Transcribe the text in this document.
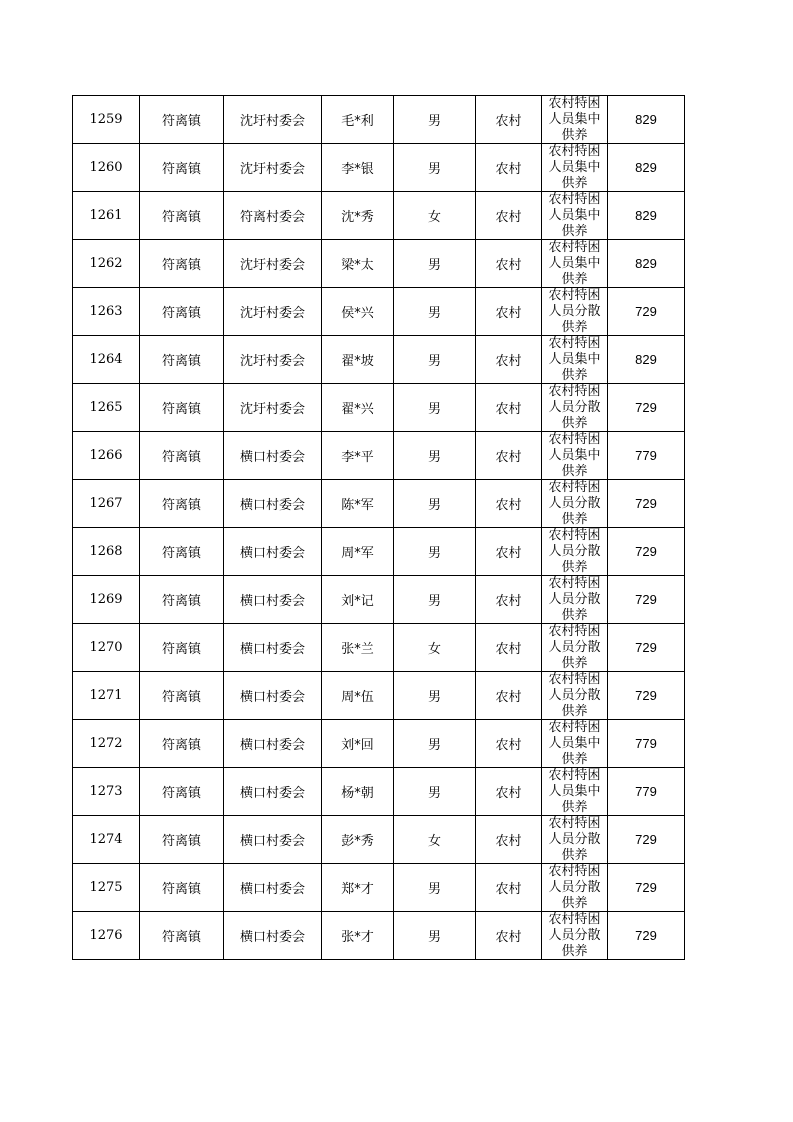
1259	符离镇	沈圩村委会	毛*利	男	农村	农村特困人员集中供养	829
1260	符离镇	沈圩村委会	李*银	男	农村	农村特困人员集中供养	829
1261	符离镇	符离村委会	沈*秀	女	农村	农村特困人员集中供养	829
1262	符离镇	沈圩村委会	梁*太	男	农村	农村特困人员集中供养	829
1263	符离镇	沈圩村委会	侯*兴	男	农村	农村特困人员分散供养	729
1264	符离镇	沈圩村委会	翟*坡	男	农村	农村特困人员集中供养	829
1265	符离镇	沈圩村委会	翟*兴	男	农村	农村特困人员分散供养	729
1266	符离镇	横口村委会	李*平	男	农村	农村特困人员集中供养	779
1267	符离镇	横口村委会	陈*军	男	农村	农村特困人员分散供养	729
1268	符离镇	横口村委会	周*军	男	农村	农村特困人员分散供养	729
1269	符离镇	横口村委会	刘*记	男	农村	农村特困人员分散供养	729
1270	符离镇	横口村委会	张*兰	女	农村	农村特困人员分散供养	729
1271	符离镇	横口村委会	周*伍	男	农村	农村特困人员分散供养	729
1272	符离镇	横口村委会	刘*回	男	农村	农村特困人员集中供养	779
1273	符离镇	横口村委会	杨*朝	男	农村	农村特困人员集中供养	779
1274	符离镇	横口村委会	彭*秀	女	农村	农村特困人员分散供养	729
1275	符离镇	横口村委会	郑*才	男	农村	农村特困人员分散供养	729
1276	符离镇	横口村委会	张*才	男	农村	农村特困人员分散供养	729
